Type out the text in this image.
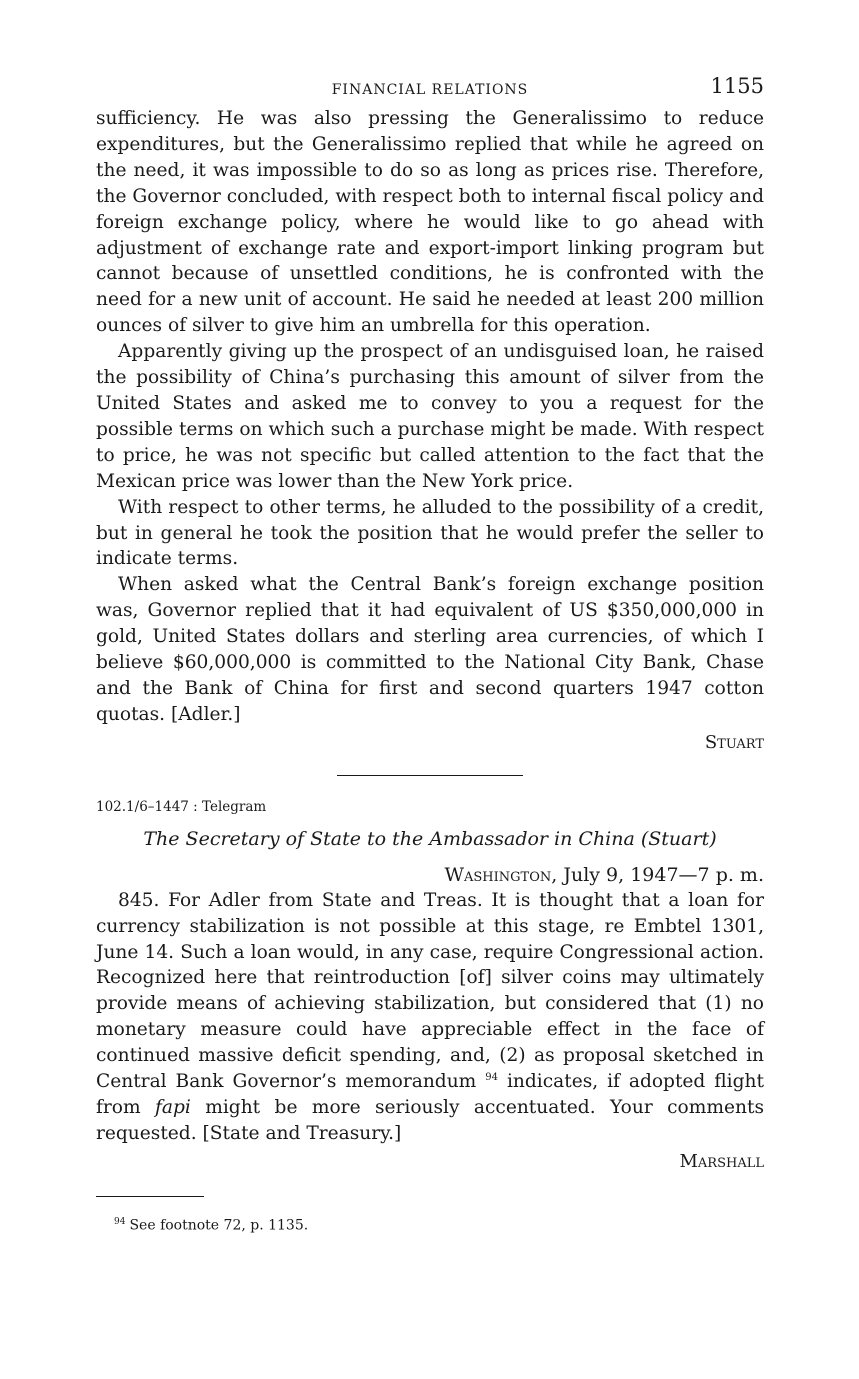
FINANCIAL RELATIONS	1155

sufficiency. He was also pressing the Generalissimo to reduce expenditures, but the Generalissimo replied that while he agreed on the need, it was impossible to do so as long as prices rise. Therefore, the Governor concluded, with respect both to internal fiscal policy and foreign exchange policy, where he would like to go ahead with adjustment of exchange rate and export-import linking program but cannot because of unsettled conditions, he is confronted with the need for a new unit of account. He said he needed at least 200 million ounces of silver to give him an umbrella for this operation.

Apparently giving up the prospect of an undisguised loan, he raised the possibility of China’s purchasing this amount of silver from the United States and asked me to convey to you a request for the possible terms on which such a purchase might be made. With respect to price, he was not specific but called attention to the fact that the Mexican price was lower than the New York price.

With respect to other terms, he alluded to the possibility of a credit, but in general he took the position that he would prefer the seller to indicate terms.

When asked what the Central Bank’s foreign exchange position was, Governor replied that it had equivalent of US $350,000,000 in gold, United States dollars and sterling area currencies, of which I believe $60,000,000 is committed to the National City Bank, Chase and the Bank of China for first and second quarters 1947 cotton quotas. [Adler.]

Stuart
102.1/6–1447 : Telegram
The Secretary of State to the Ambassador in China (Stuart)
Washington, July 9, 1947—7 p. m.

845. For Adler from State and Treas. It is thought that a loan for currency stabilization is not possible at this stage, re Embtel 1301, June 14. Such a loan would, in any case, require Congressional action. Recognized here that reintroduction [of] silver coins may ultimately provide means of achieving stabilization, but considered that (1) no monetary measure could have appreciable effect in the face of continued massive deficit spending, and, (2) as proposal sketched in Central Bank Governor’s memorandum $^{94}$ indicates, if adopted flight from fapi might be more seriously accentuated. Your comments requested. [State and Treasury.]

Marshall
$^{94}$ See footnote 72, p. 1135.
